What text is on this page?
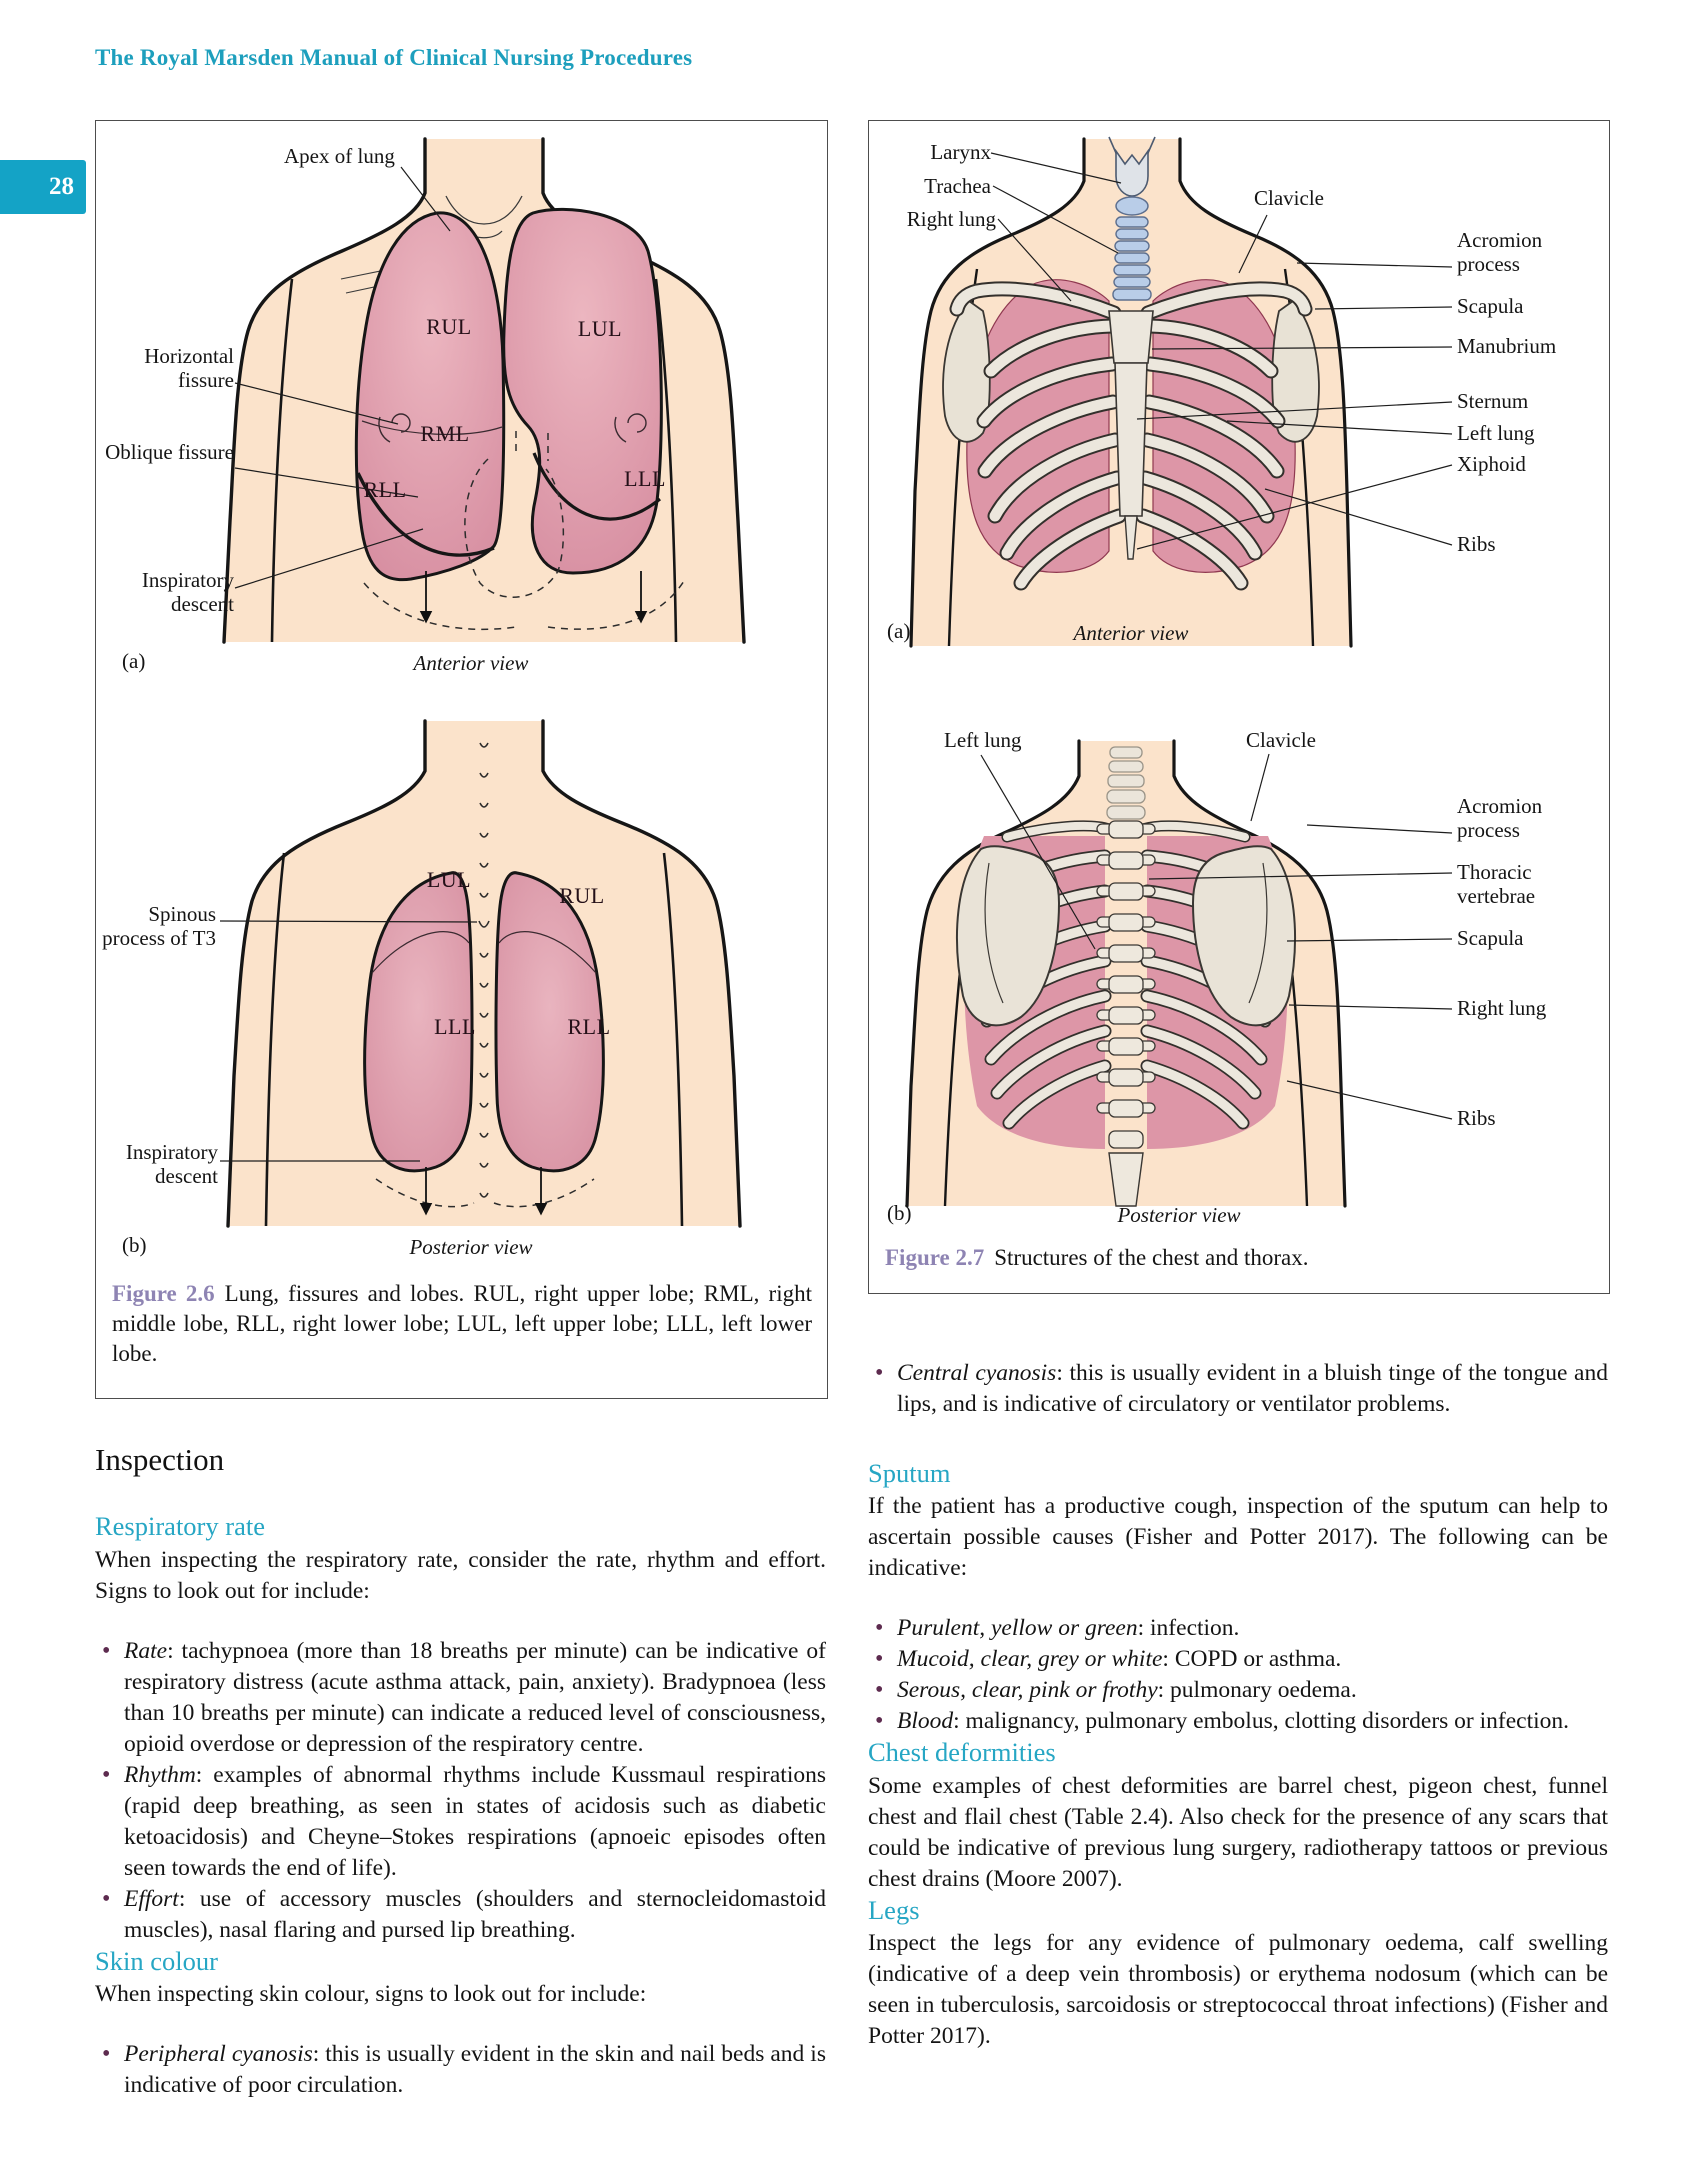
The Royal Marsden Manual of Clinical Nursing Procedures
28
Apex of lung
Horizontal fissure
Oblique fissure
Inspiratory descent
RUL	LUL
RML
RLL	LLL
(a)	Anterior view
Spinous process of T3
Inspiratory descent
LUL
RUL
LLL	RLL
(b)	Posterior view
Figure 2.6 Lung, fissures and lobes. RUL, right upper lobe; RML, right middle lobe, RLL, right lower lobe; LUL, left upper lobe; LLL, left lower lobe.
Larynx
Trachea
Right lung
Clavicle
Acromion process
Scapula
Manubrium
Sternum
Left lung
Xiphoid
Ribs
(a)	Anterior view
Left lung	Clavicle
Acromion process
Thoracic vertebrae
Scapula
Right lung
Ribs
(b)	Posterior view
Figure 2.7 Structures of the chest and thorax.
Inspection
Respiratory rate

When inspecting the respiratory rate, consider the rate, rhythm and effort. Signs to look out for include:

• Rate: tachypnoea (more than 18 breaths per minute) can be indicative of respiratory distress (acute asthma attack, pain, anxiety). Bradypnoea (less than 10 breaths per minute) can indicate a reduced level of consciousness, opioid overdose or depression of the respiratory centre.
• Rhythm: examples of abnormal rhythms include Kussmaul respirations (rapid deep breathing, as seen in states of acidosis such as diabetic ketoacidosis) and Cheyne–Stokes respirations (apnoeic episodes often seen towards the end of life).
• Effort: use of accessory muscles (shoulders and sternocleidomastoid muscles), nasal flaring and pursed lip breathing.
Skin colour

When inspecting skin colour, signs to look out for include:

• Peripheral cyanosis: this is usually evident in the skin and nail beds and is indicative of poor circulation.
• Central cyanosis: this is usually evident in a bluish tinge of the tongue and lips, and is indicative of circulatory or ventilator problems.
Sputum

If the patient has a productive cough, inspection of the sputum can help to ascertain possible causes (Fisher and Potter 2017). The following can be indicative:

• Purulent, yellow or green: infection.
• Mucoid, clear, grey or white: COPD or asthma.
• Serous, clear, pink or frothy: pulmonary oedema.
• Blood: malignancy, pulmonary embolus, clotting disorders or infection.
Chest deformities

Some examples of chest deformities are barrel chest, pigeon chest, funnel chest and flail chest (Table 2.4). Also check for the presence of any scars that could be indicative of previous lung surgery, radiotherapy tattoos or previous chest drains (Moore 2007).

Legs

Inspect the legs for any evidence of pulmonary oedema, calf swelling (indicative of a deep vein thrombosis) or erythema nodosum (which can be seen in tuberculosis, sarcoidosis or streptococcal throat infections) (Fisher and Potter 2017).
